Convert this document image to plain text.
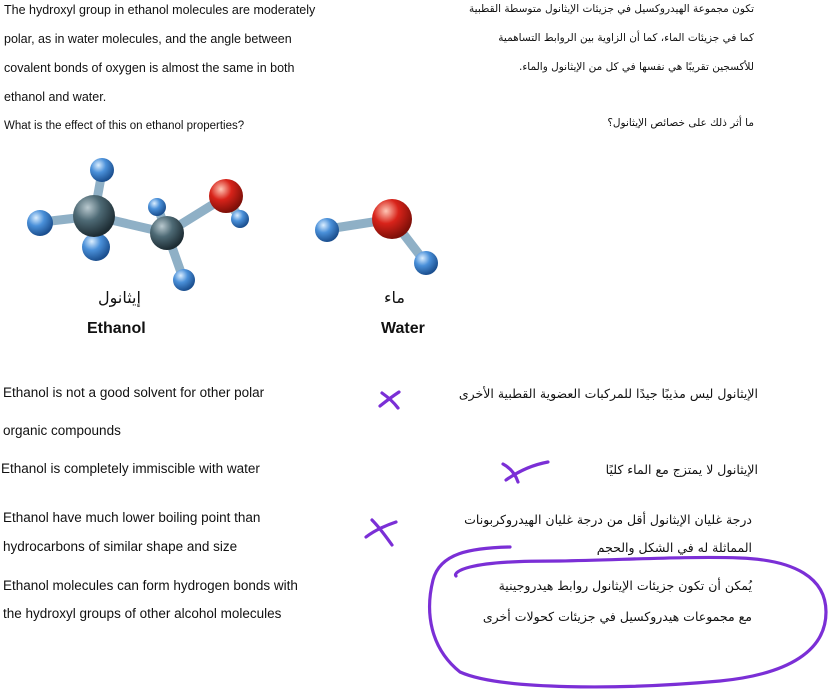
The hydroxyl group in ethanol molecules are moderately
polar, as in water molecules, and the angle between
covalent bonds of oxygen is almost the same in both
ethanol and water.
What is the effect of this on ethanol properties?
تكون مجموعة الهيدروكسيل في جزيئات الإيثانول متوسطة القطبية
كما في جزيئات الماء، كما أن الزاوية بين الروابط التساهمية
للأكسجين تقريبًا هي نفسها في كل من الإيثانول والماء.
ما أثر ذلك على خصائص الإيثانول؟
إيثانول
Ethanol
ماء
Water
Ethanol is not a good solvent for other polar
organic compounds
الإيثانول ليس مذيبًا جيدًا للمركبات العضوية القطبية الأخرى
Ethanol is completely immiscible with water	الإيثانول لا يمتزج مع الماء كليًا
Ethanol have much lower boiling point than
hydrocarbons of similar shape and size
درجة غليان الإيثانول أقل من درجة غليان الهيدروكربونات
المماثلة له في الشكل والحجم
Ethanol molecules can form hydrogen bonds with
the hydroxyl groups of other alcohol molecules
يُمكن أن تكون جزيئات الإيثانول روابط هيدروجينية
مع مجموعات هيدروكسيل في جزيئات كحولات أخرى
